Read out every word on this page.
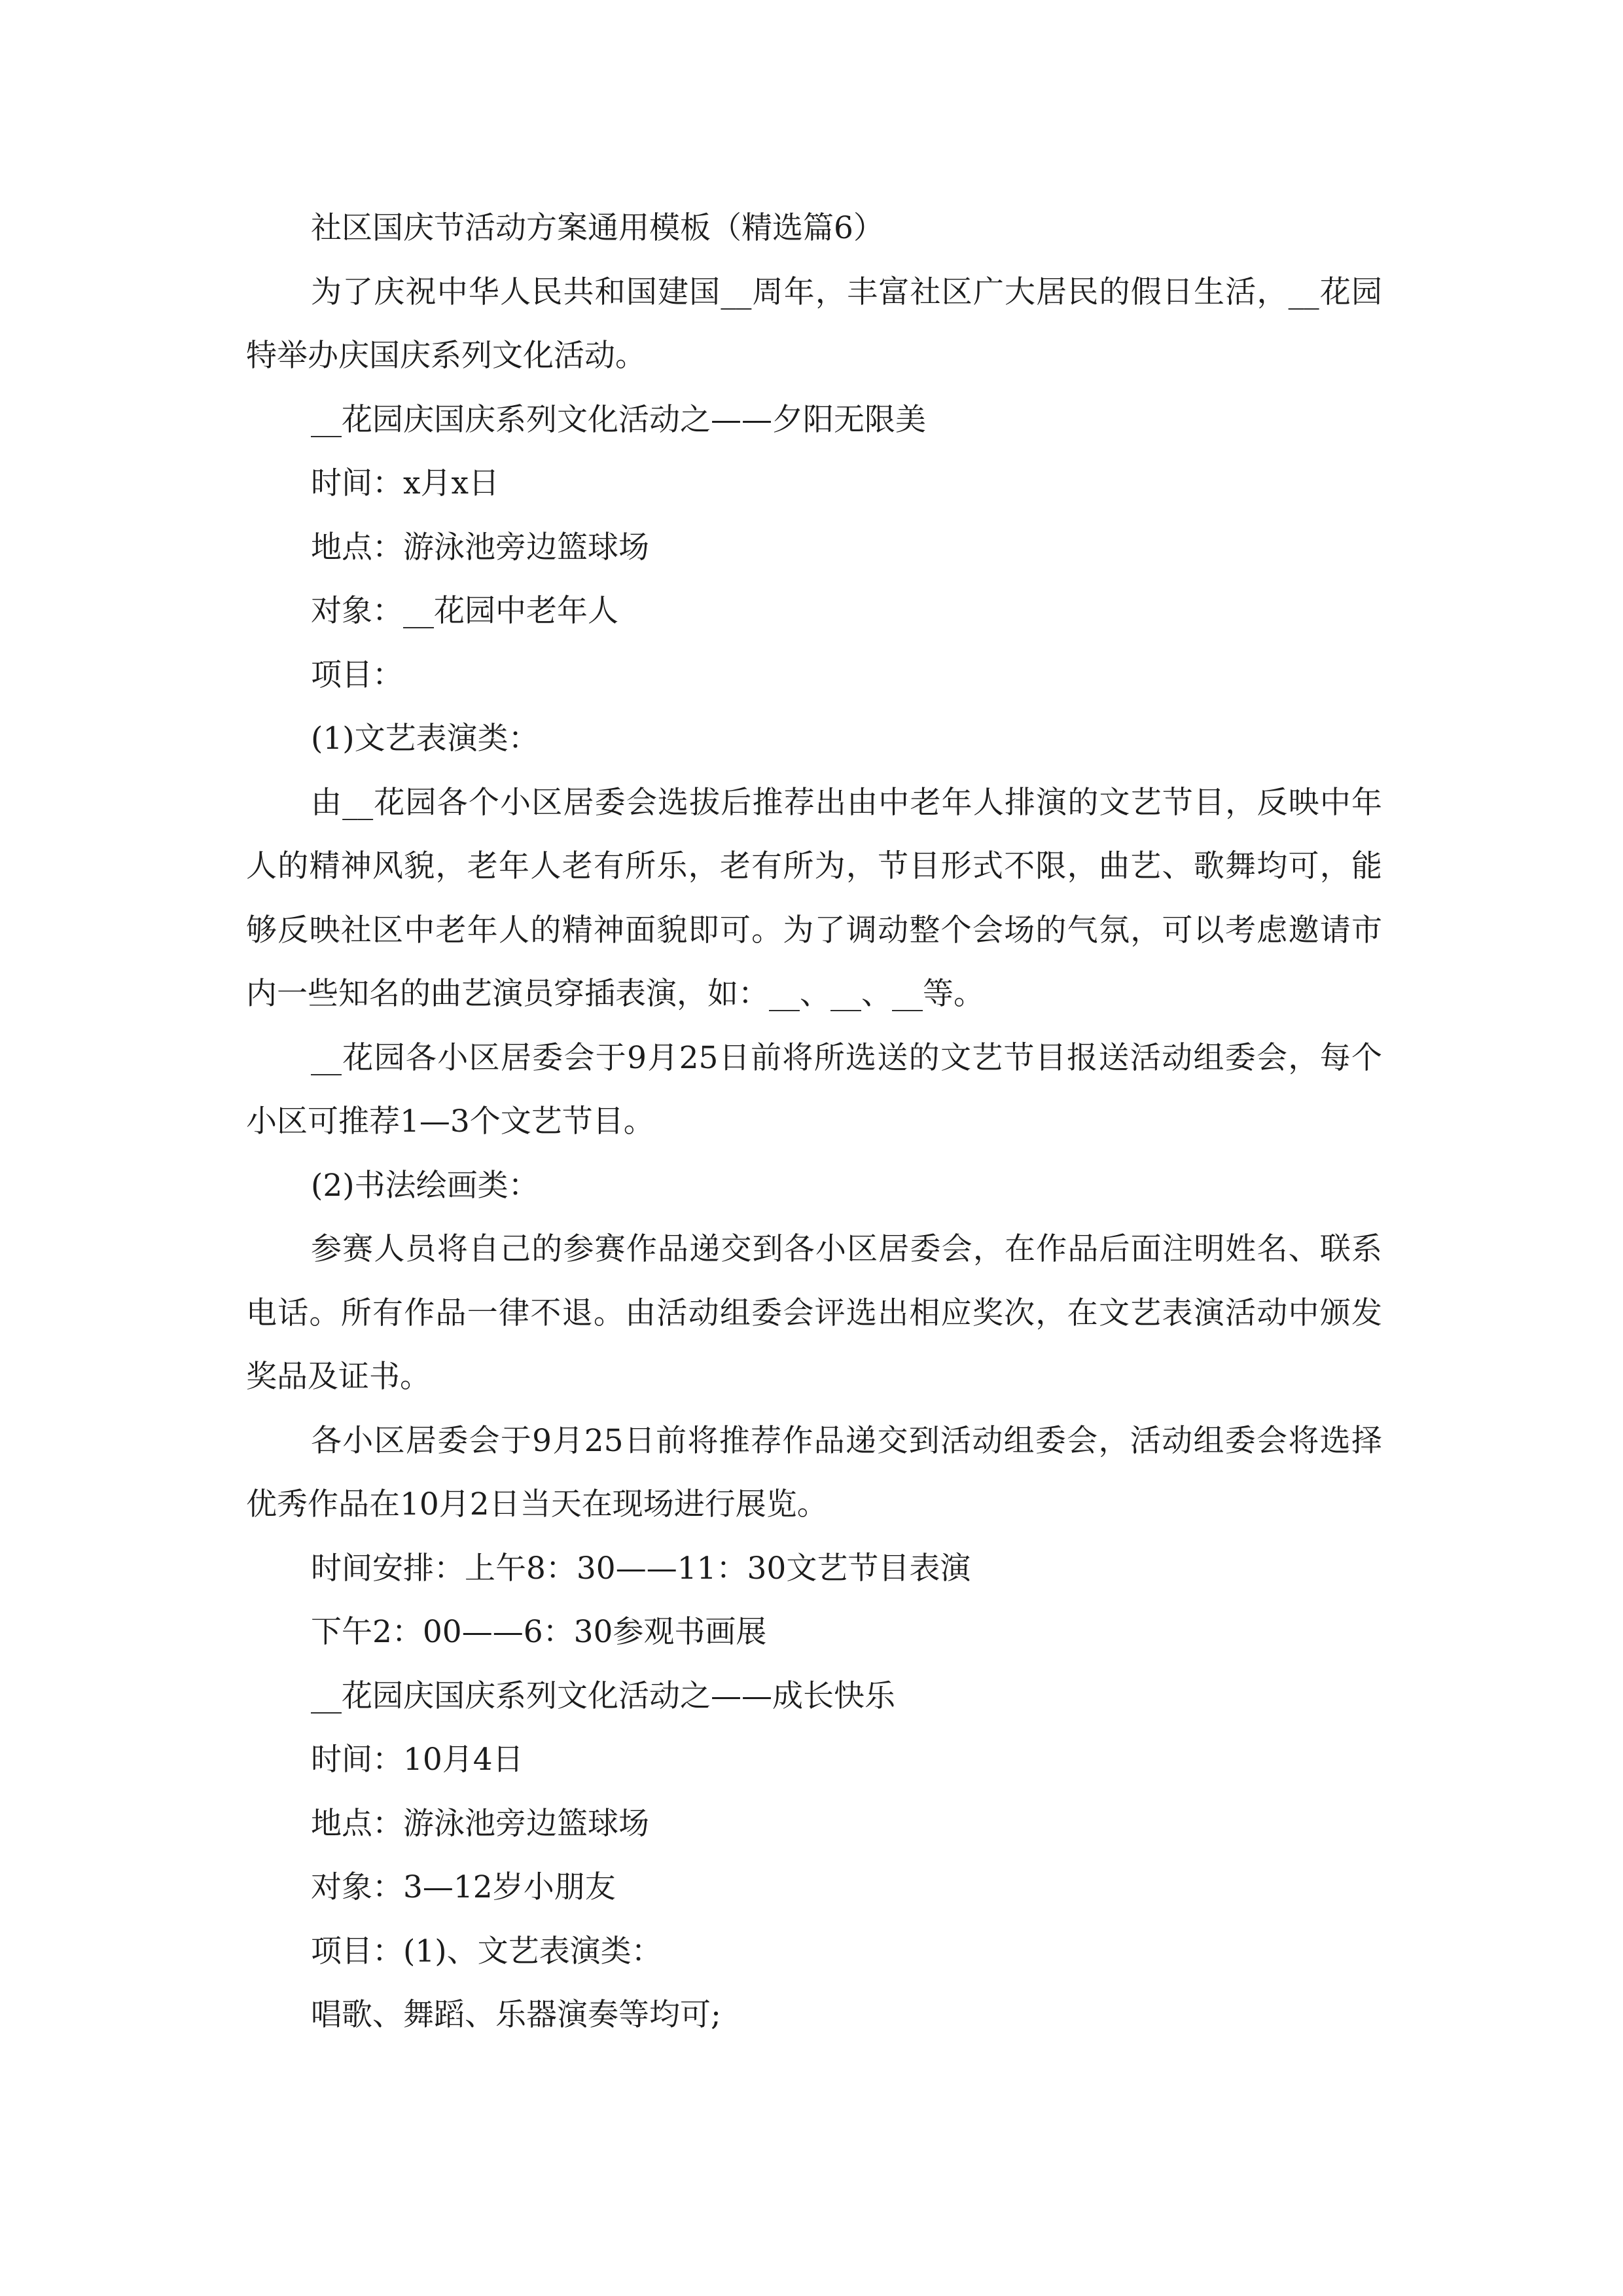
社区国庆节活动方案通用模板（精选篇6）

为了庆祝中华人民共和国建国__周年，丰富社区广大居民的假日生活，__花园特举办庆国庆系列文化活动。

__花园庆国庆系列文化活动之——夕阳无限美

时间：x月x日

地点：游泳池旁边篮球场

对象：__花园中老年人

项目：

(1)文艺表演类：

由__花园各个小区居委会选拔后推荐出由中老年人排演的文艺节目，反映中年人的精神风貌，老年人老有所乐，老有所为，节目形式不限，曲艺、歌舞均可，能够反映社区中老年人的精神面貌即可。为了调动整个会场的气氛，可以考虑邀请市内一些知名的曲艺演员穿插表演，如：__、__、__等。

__花园各小区居委会于9月25日前将所选送的文艺节目报送活动组委会，每个小区可推荐1—3个文艺节目。

(2)书法绘画类：

参赛人员将自己的参赛作品递交到各小区居委会，在作品后面注明姓名、联系电话。所有作品一律不退。由活动组委会评选出相应奖次，在文艺表演活动中颁发奖品及证书。

各小区居委会于9月25日前将推荐作品递交到活动组委会，活动组委会将选择优秀作品在10月2日当天在现场进行展览。

时间安排：上午8：30——11：30文艺节目表演

下午2：00——6：30参观书画展

__花园庆国庆系列文化活动之——成长快乐

时间：10月4日

地点：游泳池旁边篮球场

对象：3—12岁小朋友

项目：(1)、文艺表演类：

唱歌、舞蹈、乐器演奏等均可;
